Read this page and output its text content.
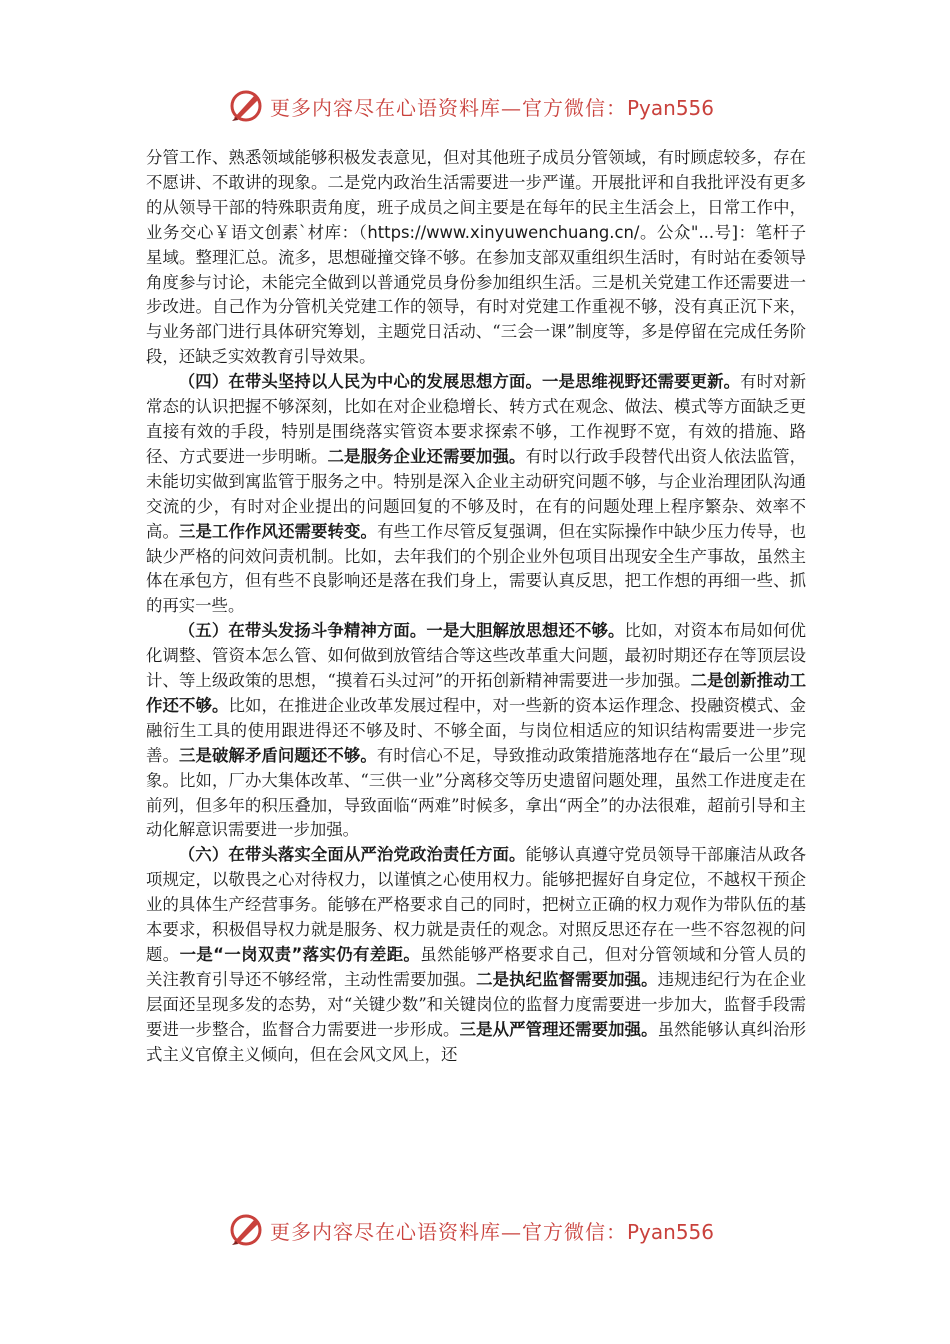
更多内容尽在心语资料库—官方微信：Pyan556

分管工作、熟悉领域能够积极发表意见，但对其他班子成员分管领域，有时顾虑较多，存在不愿讲、不敢讲的现象。二是党内政治生活需要进一步严谨。开展批评和自我批评没有更多的从领导干部的特殊职责角度，班子成员之间主要是在每年的民主生活会上，日常工作中，业务交心￥语文创素`材库：（https://www.xinyuwenchuang.cn/。公众"...号]：笔杆子星域。整理汇总。流多，思想碰撞交锋不够。在参加支部双重组织生活时，有时站在委领导角度参与讨论，未能完全做到以普通党员身份参加组织生活。三是机关党建工作还需要进一步改进。自己作为分管机关党建工作的领导，有时对党建工作重视不够，没有真正沉下来，与业务部门进行具体研究筹划，主题党日活动、“三会一课”制度等，多是停留在完成任务阶段，还缺乏实效教育引导效果。

（四）在带头坚持以人民为中心的发展思想方面。一是思维视野还需要更新。有时对新常态的认识把握不够深刻，比如在对企业稳增长、转方式在观念、做法、模式等方面缺乏更直接有效的手段，特别是围绕落实管资本要求探索不够，工作视野不宽，有效的措施、路径、方式要进一步明晰。二是服务企业还需要加强。有时以行政手段替代出资人依法监管，未能切实做到寓监管于服务之中。特别是深入企业主动研究问题不够，与企业治理团队沟通交流的少，有时对企业提出的问题回复的不够及时，在有的问题处理上程序繁杂、效率不高。三是工作作风还需要转变。有些工作尽管反复强调，但在实际操作中缺少压力传导，也缺少严格的问效问责机制。比如，去年我们的个别企业外包项目出现安全生产事故，虽然主体在承包方，但有些不良影响还是落在我们身上，需要认真反思，把工作想的再细一些、抓的再实一些。

（五）在带头发扬斗争精神方面。一是大胆解放思想还不够。比如，对资本布局如何优化调整、管资本怎么管、如何做到放管结合等这些改革重大问题，最初时期还存在等顶层设计、等上级政策的思想，“摸着石头过河”的开拓创新精神需要进一步加强。二是创新推动工作还不够。比如，在推进企业改革发展过程中，对一些新的资本运作理念、投融资模式、金融衍生工具的使用跟进得还不够及时、不够全面，与岗位相适应的知识结构需要进一步完善。三是破解矛盾问题还不够。有时信心不足，导致推动政策措施落地存在“最后一公里”现象。比如，厂办大集体改革、“三供一业”分离移交等历史遗留问题处理，虽然工作进度走在前列，但多年的积压叠加，导致面临“两难”时候多，拿出“两全”的办法很难，超前引导和主动化解意识需要进一步加强。

（六）在带头落实全面从严治党政治责任方面。能够认真遵守党员领导干部廉洁从政各项规定，以敬畏之心对待权力，以谨慎之心使用权力。能够把握好自身定位，不越权干预企业的具体生产经营事务。能够在严格要求自己的同时，把树立正确的权力观作为带队伍的基本要求，积极倡导权力就是服务、权力就是责任的观念。对照反思还存在一些不容忽视的问题。一是“一岗双责”落实仍有差距。虽然能够严格要求自己，但对分管领域和分管人员的关注教育引导还不够经常，主动性需要加强。二是执纪监督需要加强。违规违纪行为在企业层面还呈现多发的态势，对“关键少数”和关键岗位的监督力度需要进一步加大，监督手段需要进一步整合，监督合力需要进一步形成。三是从严管理还需要加强。虽然能够认真纠治形式主义官僚主义倾向，但在会风文风上，还

更多内容尽在心语资料库—官方微信：Pyan556
